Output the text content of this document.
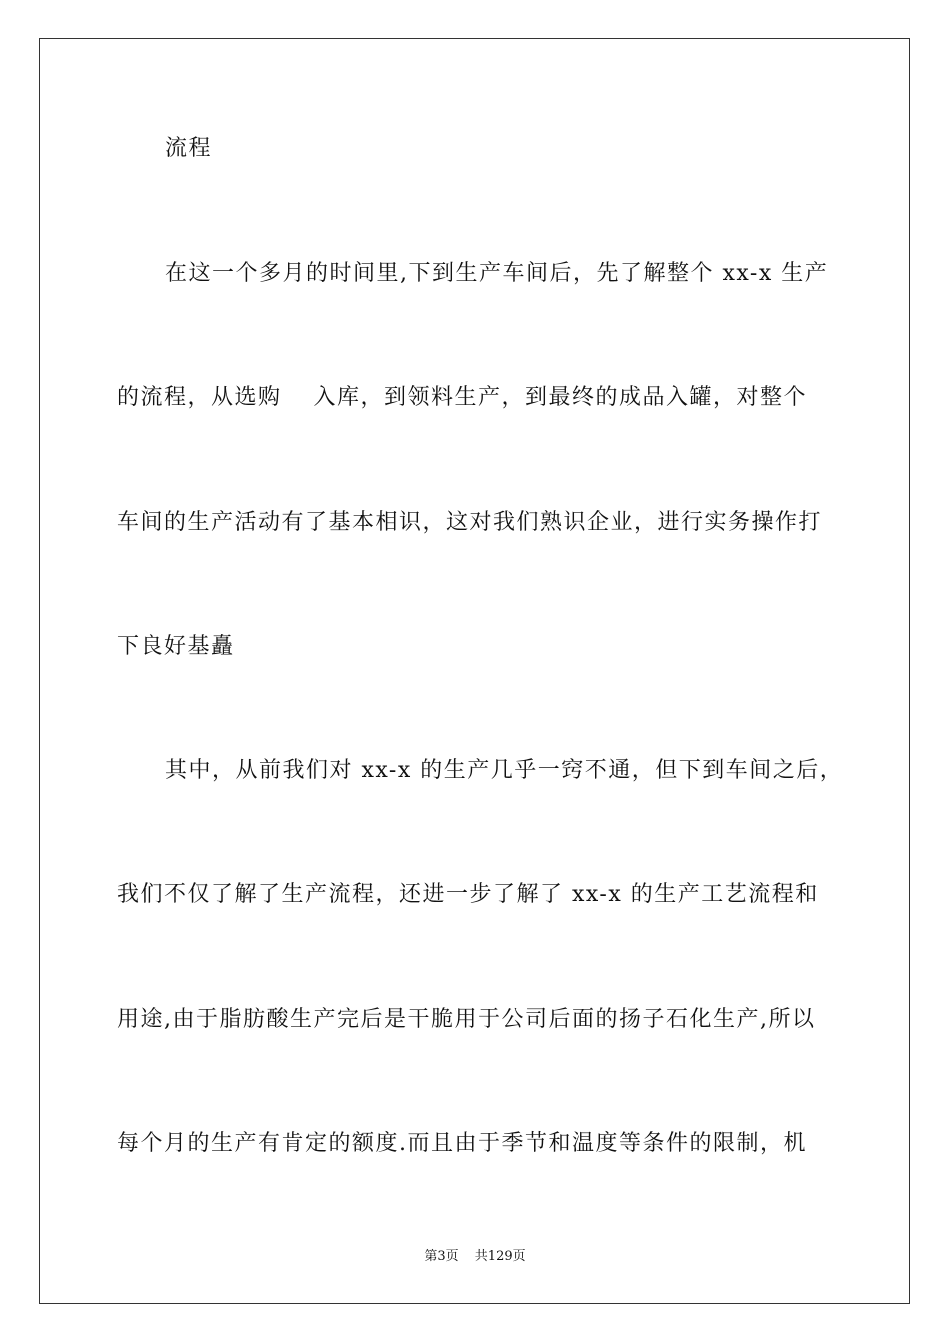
流程
在这一个多月的时间里,下到生产车间后，先了解整个 xx-x 生产
的流程，从选购　 入库，到领料生产，到最终的成品入罐，对整个
车间的生产活动有了基本相识，这对我们熟识企业，进行实务操作打
下良好基矗
其中，从前我们对 xx-x 的生产几乎一窍不通，但下到车间之后，
我们不仅了解了生产流程，还进一步了解了 xx-x 的生产工艺流程和
用途,由于脂肪酸生产完后是干脆用于公司后面的扬子石化生产,所以
每个月的生产有肯定的额度.而且由于季节和温度等条件的限制，机
第3页 共129页
